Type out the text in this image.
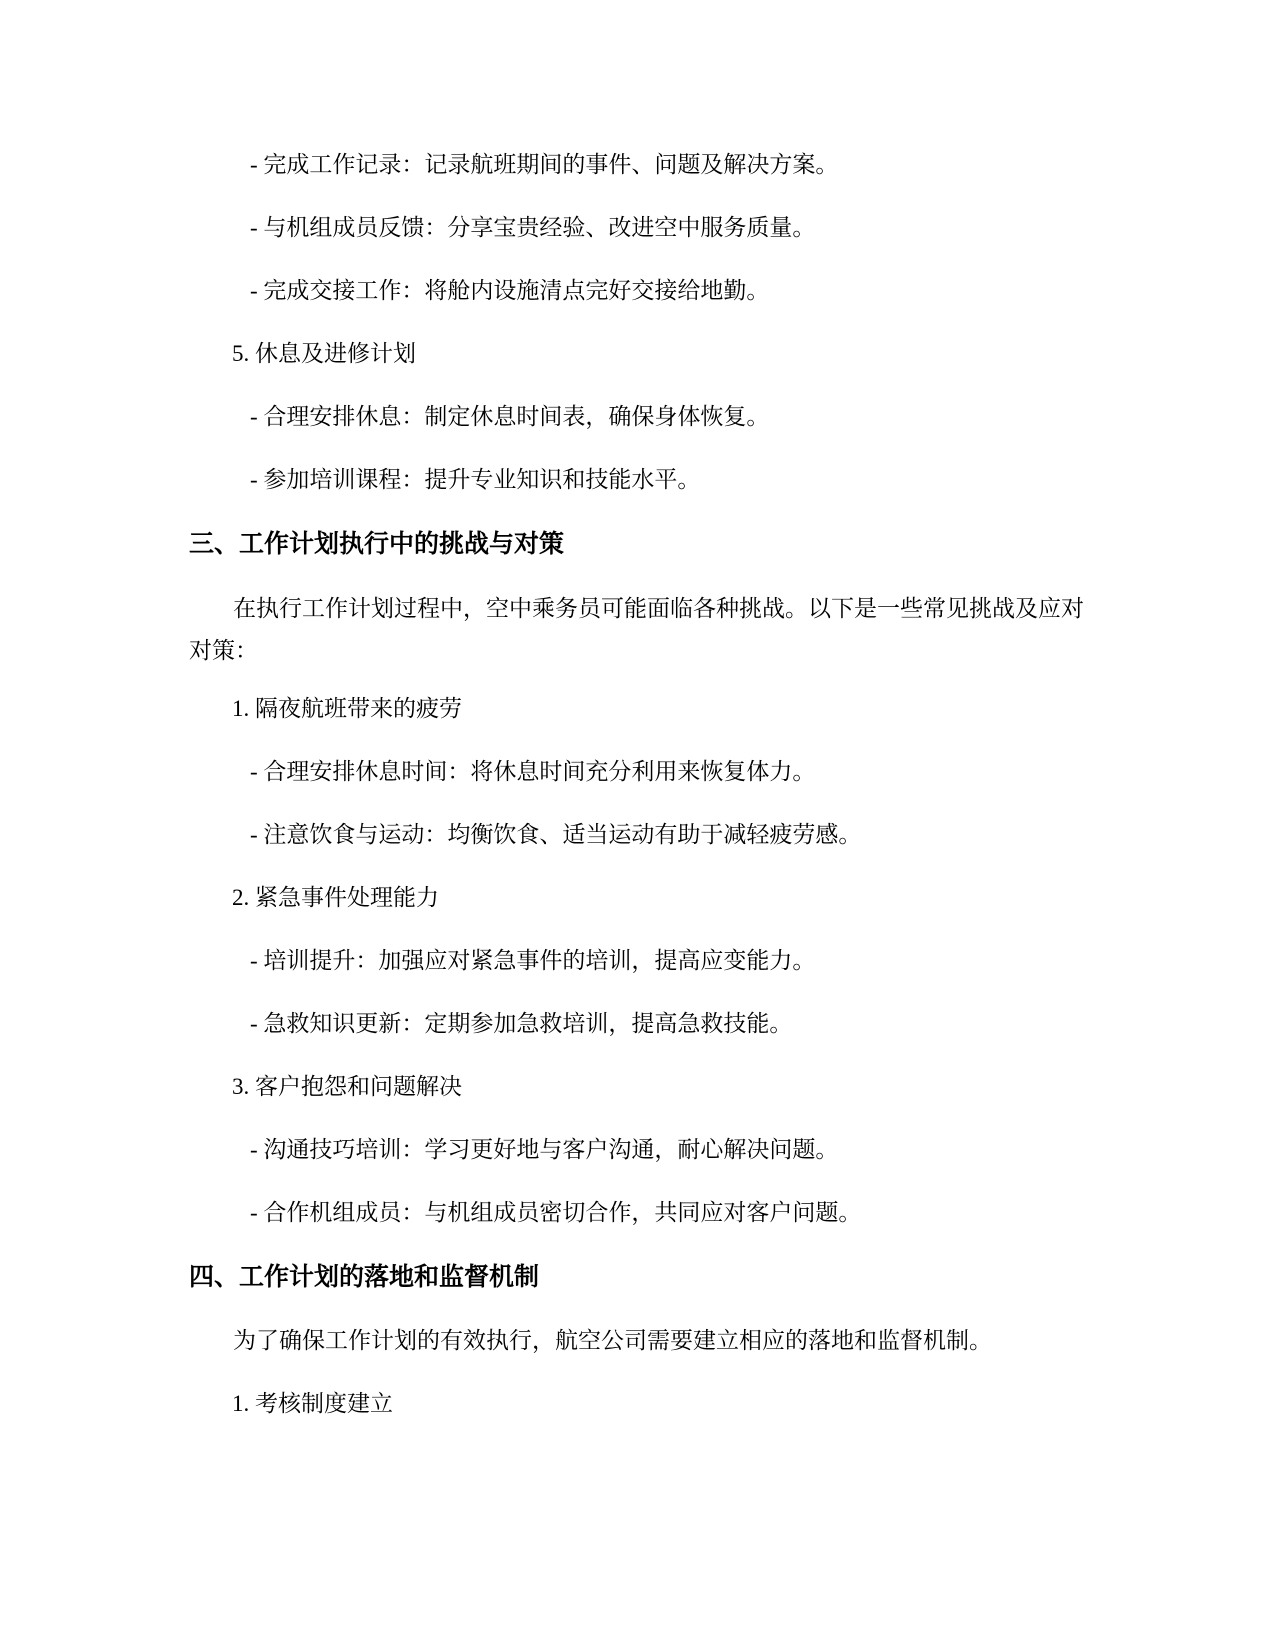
- 完成工作记录：记录航班期间的事件、问题及解决方案。
- 与机组成员反馈：分享宝贵经验、改进空中服务质量。
- 完成交接工作：将舱内设施清点完好交接给地勤。
5. 休息及进修计划
- 合理安排休息：制定休息时间表，确保身体恢复。
- 参加培训课程：提升专业知识和技能水平。
三、工作计划执行中的挑战与对策
在执行工作计划过程中，空中乘务员可能面临各种挑战。以下是一些常见挑战及应对对策：
1. 隔夜航班带来的疲劳
- 合理安排休息时间：将休息时间充分利用来恢复体力。
- 注意饮食与运动：均衡饮食、适当运动有助于减轻疲劳感。
2. 紧急事件处理能力
- 培训提升：加强应对紧急事件的培训，提高应变能力。
- 急救知识更新：定期参加急救培训，提高急救技能。
3. 客户抱怨和问题解决
- 沟通技巧培训：学习更好地与客户沟通，耐心解决问题。
- 合作机组成员：与机组成员密切合作，共同应对客户问题。
四、工作计划的落地和监督机制
为了确保工作计划的有效执行，航空公司需要建立相应的落地和监督机制。
1. 考核制度建立
